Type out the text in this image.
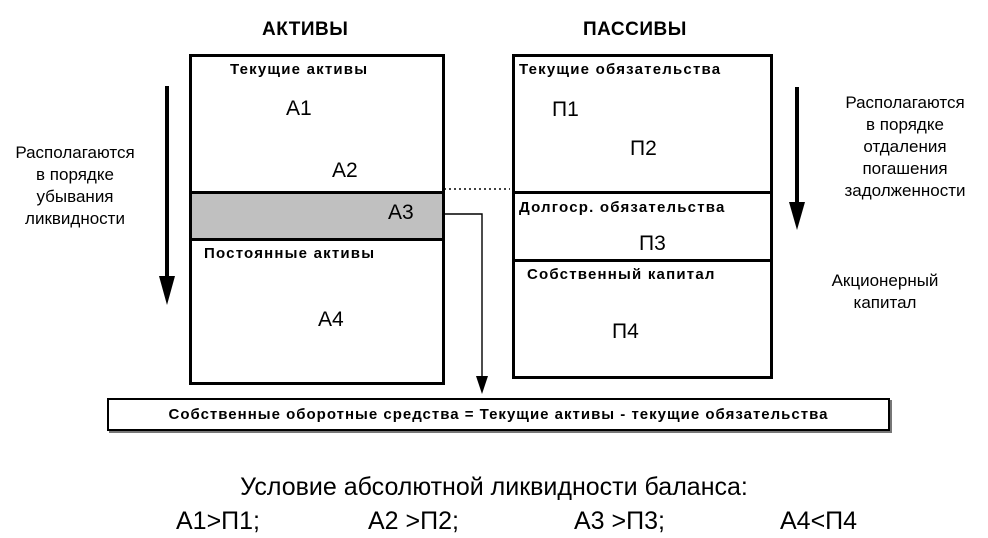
АКТИВЫ	ПАССИВЫ
Текущие активы
Постоянные активы
А1
А2
А3
А4
Текущие обязательства
Долгоср. обязательства
Собственный капитал
П1
П2
П3
П4
Располагаются
в порядке
убывания
ликвидности
Располагаются
в порядке
отдаления
погашения
задолженности
Акционерный
капитал
Собственные оборотные средства = Текущие активы - текущие обязательства
Условие абсолютной ликвидности баланса:
А1>П1;	А2 >П2;	А3 >П3;	А4<П4
